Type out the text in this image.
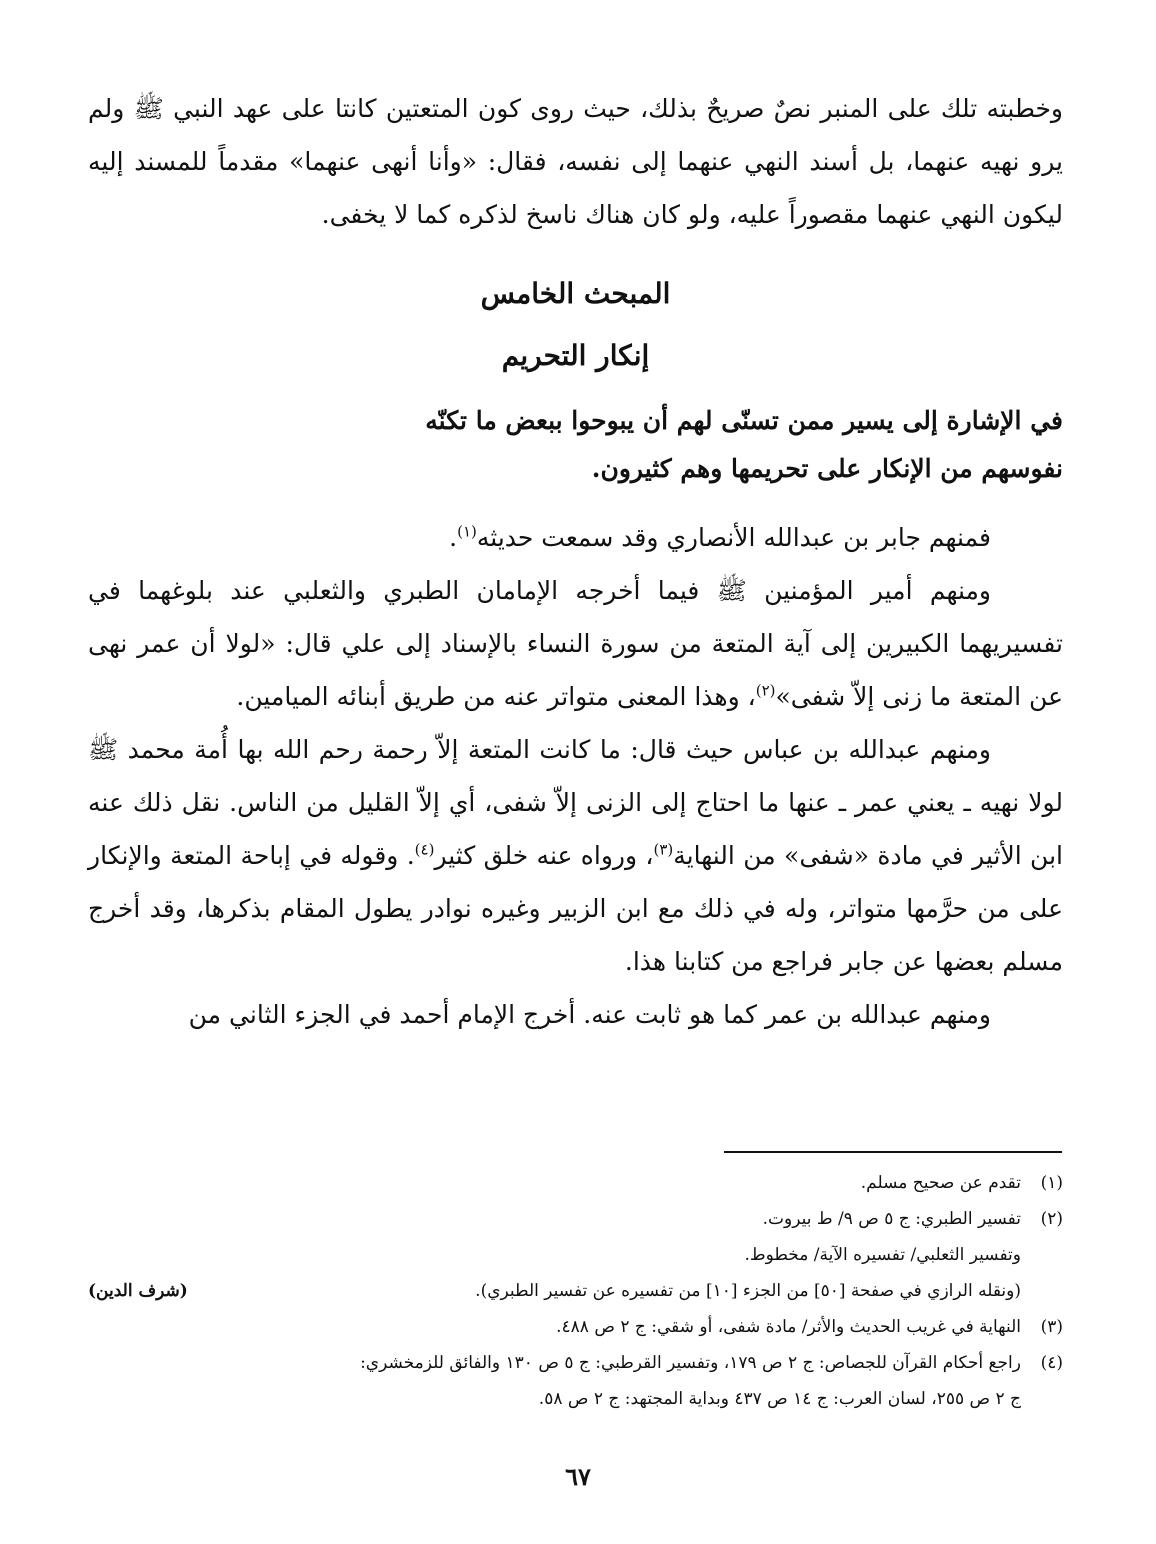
وخطبته تلك على المنبر نصٌ صريحٌ بذلك، حيث روى كون المتعتين كانتا على عهد النبي ﷺ ولم يرو نهيه عنهما، بل أسند النهي عنهما إلى نفسه، فقال: «وأنا أنهى عنهما» مقدماً للمسند إليه ليكون النهي عنهما مقصوراً عليه، ولو كان هناك ناسخ لذكره كما لا يخفى.

المبحث الخامس

إنكار التحريم

في الإشارة إلى يسير ممن تسنّى لهم أن يبوحوا ببعض ما تكنّه نفوسهم من الإنكار على تحريمها وهم كثيرون.

فمنهم جابر بن عبدالله الأنصاري وقد سمعت حديثه$^{(١)}$.

ومنهم أمير المؤمنين ﷺ فيما أخرجه الإمامان الطبري والثعلبي عند بلوغهما في تفسيريهما الكبيرين إلى آية المتعة من سورة النساء بالإسناد إلى علي قال: «لولا أن عمر نهى عن المتعة ما زنى إلاّ شفى»$^{(٢)}$، وهذا المعنى متواتر عنه من طريق أبنائه الميامين.

ومنهم عبدالله بن عباس حيث قال: ما كانت المتعة إلاّ رحمة رحم الله بها أُمة محمد ﷺ لولا نهيه ـ يعني عمر ـ عنها ما احتاج إلى الزنى إلاّ شفى، أي إلاّ القليل من الناس. نقل ذلك عنه ابن الأثير في مادة «شفى» من النهاية$^{(٣)}$، ورواه عنه خلق كثير$^{(٤)}$. وقوله في إباحة المتعة والإنكار على من حرَّمها متواتر، وله في ذلك مع ابن الزبير وغيره نوادر يطول المقام بذكرها، وقد أخرج مسلم بعضها عن جابر فراجع من كتابنا هذا.

ومنهم عبدالله بن عمر كما هو ثابت عنه. أخرج الإمام أحمد في الجزء الثاني من

(١)
تقدم عن صحيح مسلم.
(٢)
تفسير الطبري: ج ٥ ص ٩/ ط بيروت.
وتفسير الثعلبي/ تفسيره الآية/ مخطوط.
(ونقله الرازي في صفحة [٥٠] من الجزء [١٠] من تفسيره عن تفسير الطبري).
(شرف الدين)
(٣)
النهاية في غريب الحديث والأثر/ مادة شفى، أو شقي: ج ٢ ص ٤٨٨.
(٤)
راجع أحكام القرآن للجصاص: ج ٢ ص ١٧٩، وتفسير القرطبي: ج ٥ ص ١٣٠ والفائق للزمخشري:
ج ٢ ص ٢٥٥، لسان العرب: ج ١٤ ص ٤٣٧ وبداية المجتهد: ج ٢ ص ٥٨.
٦٧
